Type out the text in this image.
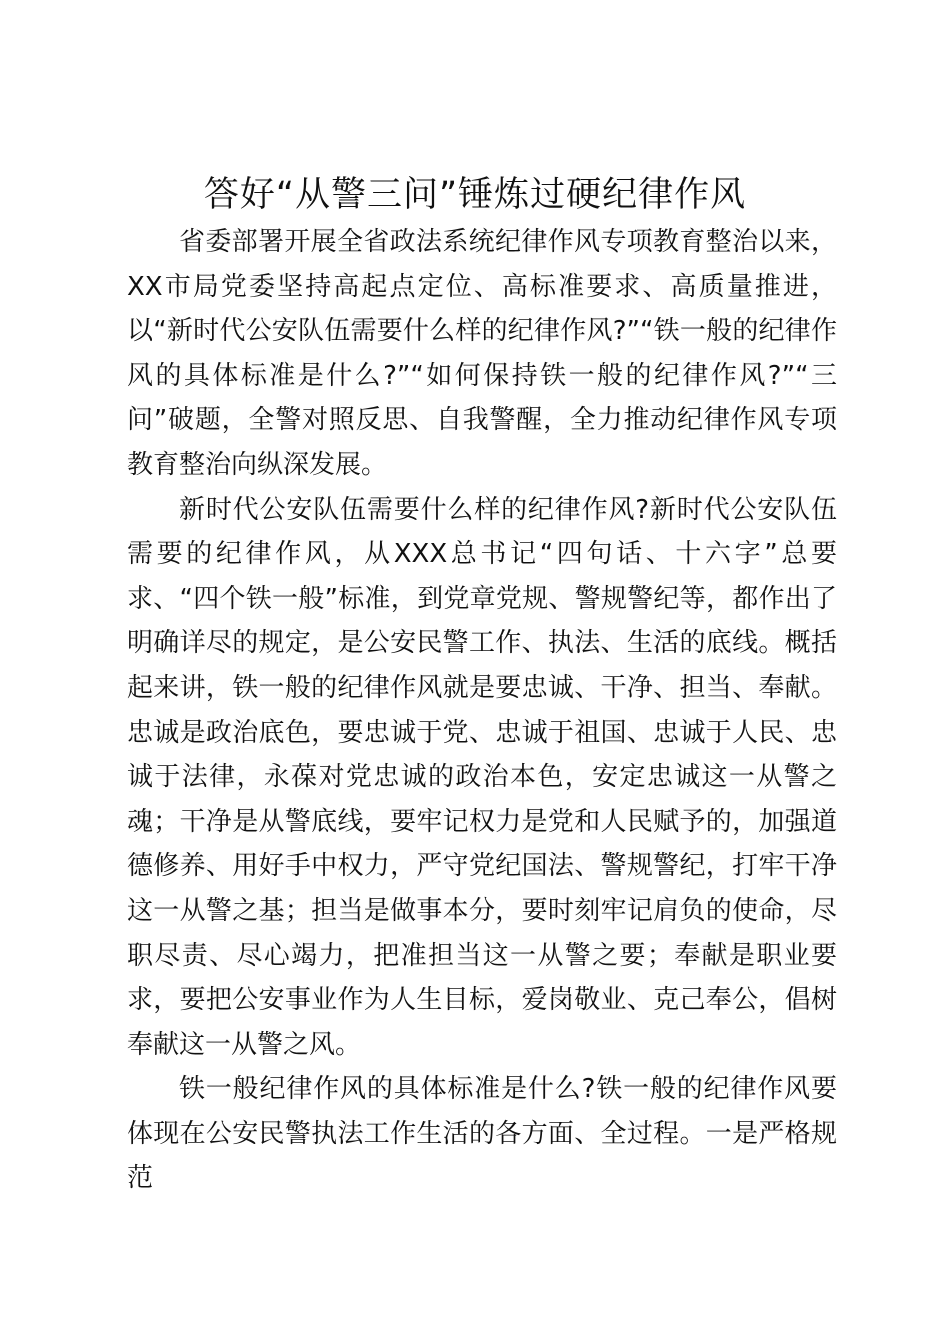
答好“从警三问”锤炼过硬纪律作风

省委部署开展全省政法系统纪律作风专项教育整治以来，XX市局党委坚持高起点定位、高标准要求、高质量推进，以“新时代公安队伍需要什么样的纪律作风?”“铁一般的纪律作风的具体标准是什么?”“如何保持铁一般的纪律作风?”“三问”破题，全警对照反思、自我警醒，全力推动纪律作风专项教育整治向纵深发展。

新时代公安队伍需要什么样的纪律作风?新时代公安队伍需要的纪律作风，从XXX总书记“四句话、十六字”总要求、“四个铁一般”标准，到党章党规、警规警纪等，都作出了明确详尽的规定，是公安民警工作、执法、生活的底线。概括起来讲，铁一般的纪律作风就是要忠诚、干净、担当、奉献。忠诚是政治底色，要忠诚于党、忠诚于祖国、忠诚于人民、忠诚于法律，永葆对党忠诚的政治本色，安定忠诚这一从警之魂；干净是从警底线，要牢记权力是党和人民赋予的，加强道德修养、用好手中权力，严守党纪国法、警规警纪，打牢干净这一从警之基；担当是做事本分，要时刻牢记肩负的使命，尽职尽责、尽心竭力，把准担当这一从警之要；奉献是职业要求，要把公安事业作为人生目标，爱岗敬业、克己奉公，倡树奉献这一从警之风。

铁一般纪律作风的具体标准是什么?铁一般的纪律作风要体现在公安民警执法工作生活的各方面、全过程。一是严格规范
